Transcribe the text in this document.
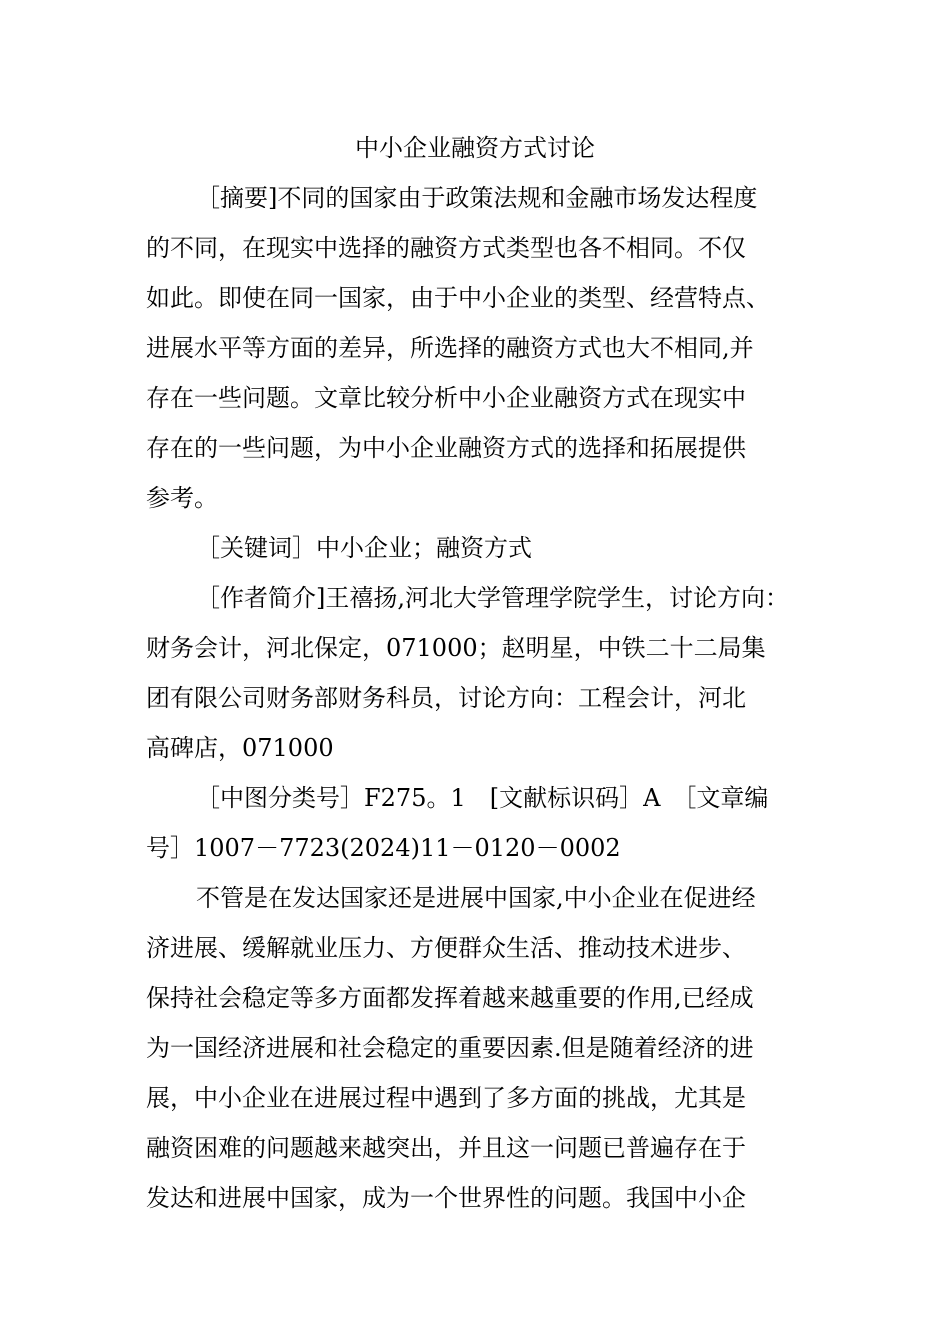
中小企业融资方式讨论

［摘要]不同的国家由于政策法规和金融市场发达程度

的不同，在现实中选择的融资方式类型也各不相同。不仅

如此。即使在同一国家，由于中小企业的类型、经营特点、

进展水平等方面的差异，所选择的融资方式也大不相同,并

存在一些问题。文章比较分析中小企业融资方式在现实中

存在的一些问题，为中小企业融资方式的选择和拓展提供

参考。

［关键词］中小企业；融资方式

［作者简介]王禧扬,河北大学管理学院学生，讨论方向：

财务会计，河北保定，071000；赵明星，中铁二十二局集

团有限公司财务部财务科员，讨论方向：工程会计，河北

高碑店，071000

［中图分类号］F275。1　[文献标识码］A　［文章编

号］1007－7723(2024)11－0120－0002

不管是在发达国家还是进展中国家,中小企业在促进经

济进展、缓解就业压力、方便群众生活、推动技术进步、

保持社会稳定等多方面都发挥着越来越重要的作用,已经成

为一国经济进展和社会稳定的重要因素.但是随着经济的进

展，中小企业在进展过程中遇到了多方面的挑战，尤其是

融资困难的问题越来越突出，并且这一问题已普遍存在于

发达和进展中国家，成为一个世界性的问题。我国中小企
